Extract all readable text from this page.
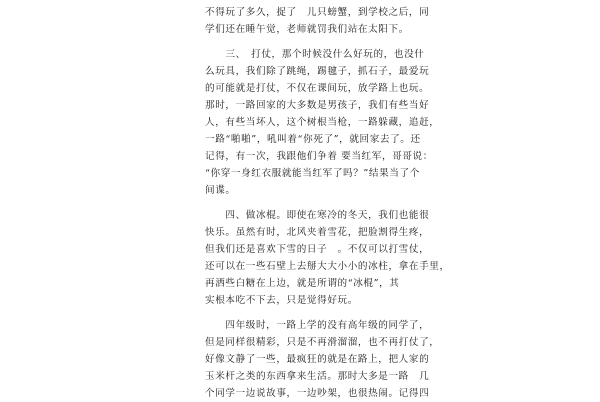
不得玩了多久，捉了　儿只螃蟹，到学校之后，同
学们还在睡午觉，老师就罚我们站在太阳下。
　　三、　打仗，那个时候没什么好玩的，也没什
么玩具，我们除了跳绳，踢毽子，抓石子，最爱玩
的可能就是打仗，不仅在课间玩，放学路上也玩。
那时，一路回家的大多数是男孩子，我们有些当好
人，有些当坏人，这个树根当枪，一路躲藏，追赶，
一路“啪啪”，吼叫着“你死了”，就回家去了。还
记得，有一次，我跟他们争着 要当红军，哥哥说：
“你穿一身红衣服就能当红军了吗？”结果当了个
间谍。
　　四、做冰棍。即使在寒冷的冬天，我们也能很
快乐。虽然有时，北风夹着雪花，把脸割得生疼，
但我们还是喜欢下雪的日子　。不仅可以打雪仗，
还可以在一些石壁上去掰大大小小的冰柱，拿在手里，
再洒些白糖在上边，就是所谓的“冰棍”，其
实根本吃不下去，只是觉得好玩。
　　四年级时，一路上学的没有高年级的同学了，
但是同样很精彩，只是不再滑溜溜，也不再打仗了，
好像文静了一些，最疯狂的就是在路上，把人家的
玉米杆之类的东西拿来生活。那时大多是一路　几
个同学一边说故事，一边吵架，也很热闹。记得四
